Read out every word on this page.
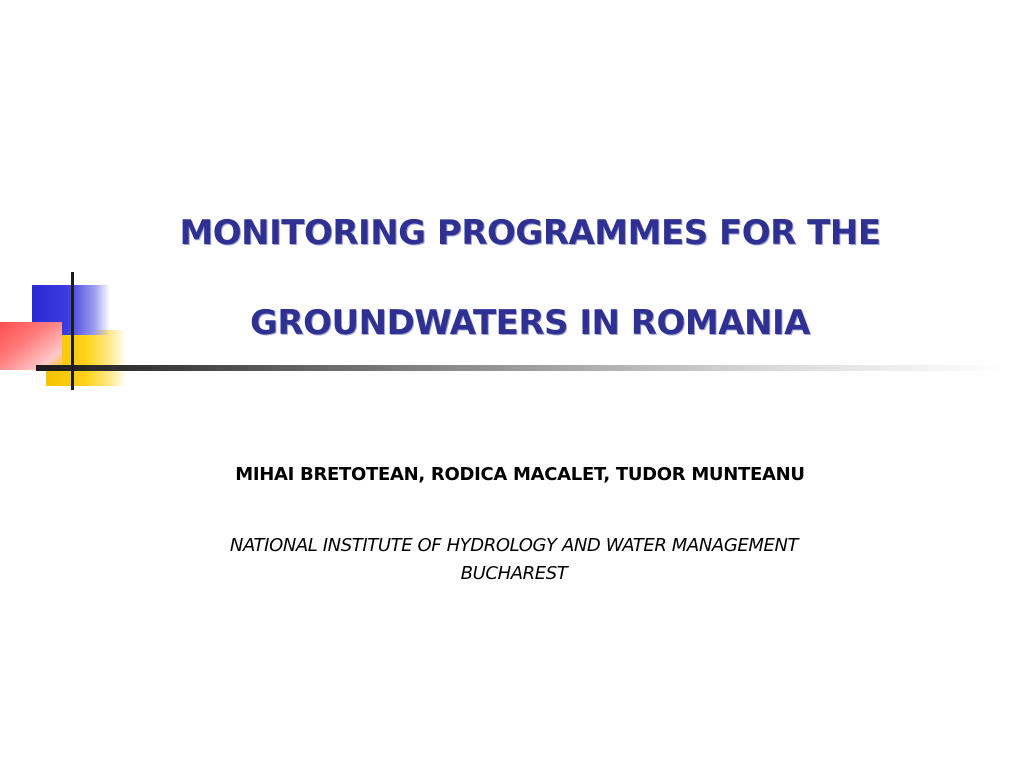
MONITORING PROGRAMMES FOR THE
GROUNDWATERS IN ROMANIA
MIHAI BRETOTEAN, RODICA MACALET, TUDOR MUNTEANU
NATIONAL INSTITUTE OF HYDROLOGY AND WATER MANAGEMENT
BUCHAREST
